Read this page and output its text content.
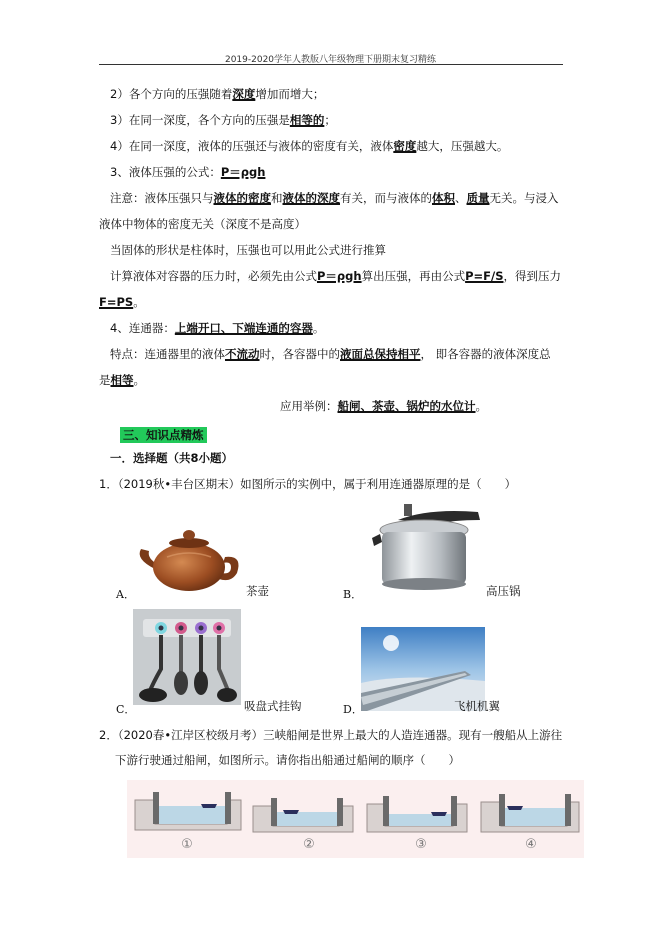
2019-2020学年人教版八年级物理下册期末复习精练
2）各个方向的压强随着深度增加而增大；
3）在同一深度，各个方向的压强是相等的；
4）在同一深度，液体的压强还与液体的密度有关，液体密度越大，压强越大。
3、液体压强的公式：P＝ρgh
注意：液体压强只与液体的密度和液体的深度有关，而与液体的体积、质量无关。与浸入
液体中物体的密度无关（深度不是高度）
当固体的形状是柱体时，压强也可以用此公式进行推算
计算液体对容器的压力时，必须先由公式P＝ρgh算出压强，再由公式P=F/S，得到压力
F=PS。
4、连通器：上端开口、下端连通的容器。
特点：连通器里的液体不流动时，各容器中的液面总保持相平， 即各容器的液体深度总
是相等。
应用举例：船闸、茶壶、锅炉的水位计。
三、知识点精炼
一．选择题（共8小题）
1．（2019秋•丰台区期末）如图所示的实例中，属于利用连通器原理的是（　　）
A．	茶壶	B．	高压锅
C．	吸盘式挂钩	D．	飞机机翼
2．（2020春•江岸区校级月考）三峡船闸是世界上最大的人造连通器。现有一艘船从上游往
下游行驶通过船闸，如图所示。请你指出船通过船闸的顺序（　　）
①	②	③	④
